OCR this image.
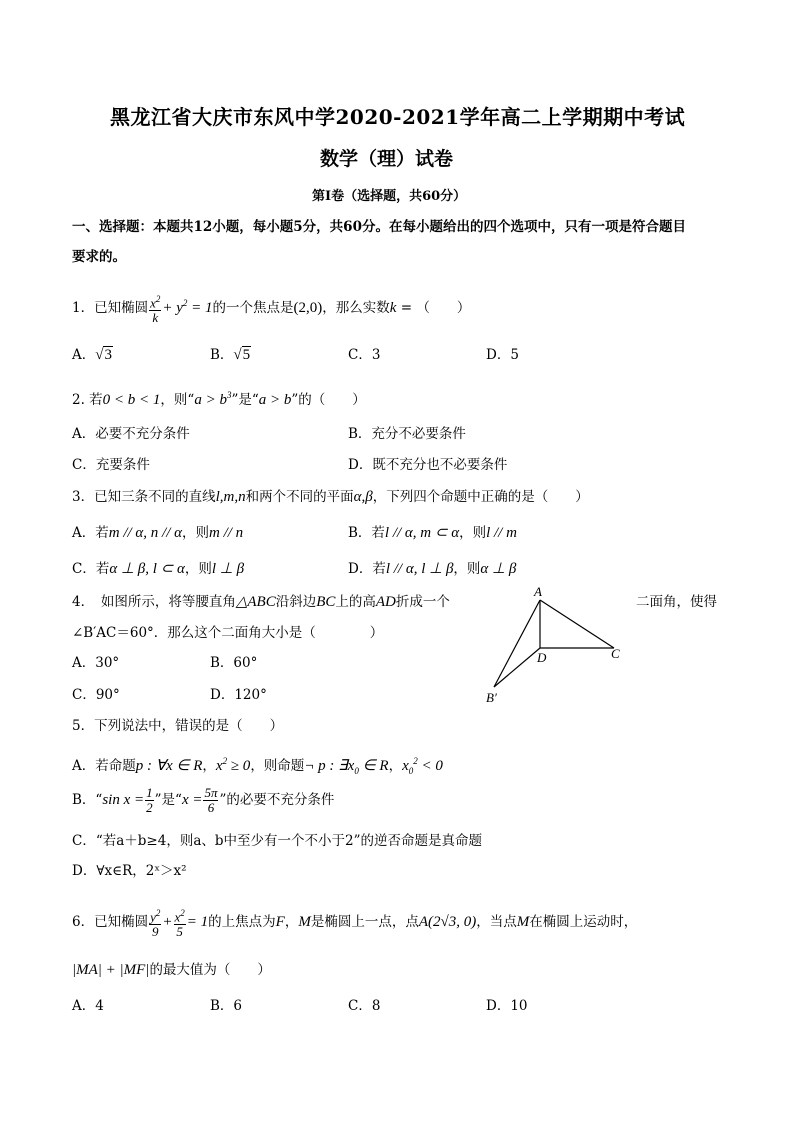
黑龙江省大庆市东风中学2020-2021学年高二上学期期中考试
数学（理）试卷
第I卷（选择题，共60分）
一、选择题：本题共12小题，每小题5分，共60分。在每小题给出的四个选项中，只有一项是符合题目
要求的。
1．已知椭圆 $\frac{x^2}{k} + y^2 = 1$的一个焦点是(2,0)，那么实数k = （　　）
A．√3	B．√5	C．3	D．5
2. 若0 < b < 1，则“$a > b^3$”是“a > b”的（　　）
A．必要不充分条件	B．充分不必要条件
C．充要条件	D．既不充分也不必要条件
3．已知三条不同的直线l,m,n和两个不同的平面α,β，下列四个命题中正确的是（　　）
A．若m // α, n // α，则m // n	B．若l // α, m ⊂ α，则l // m
C．若α ⊥ β, l ⊂ α，则l ⊥ β	D．若l // α, l ⊥ β，则α ⊥ β
4．　如图所示，将等腰直角△ABC沿斜边BC上的高AD折成一个	二面角，使得
∠B′AC＝60°．那么这个二面角大小是（　　　　）
A．30°	B．60°
C．90°	D．120°
A
D	C
B′
5．下列说法中，错误的是（　　）
A．若命题p : ∀x ∈ R，$x^2 \ge 0$，则命题¬ p : $\exists x_0$ ∈ R，$x_0^2 < 0$
B．“sin $x = \frac{1}{2}$ ”是“$x = \frac{5\pi}{6}$ ”的必要不充分条件
C．“若a＋b≥4，则a、b中至少有一个不小于2”的逆否命题是真命题
D．∀x∈R，2ˣ＞x²
6．已知椭圆 $\frac{y^2}{9} + \frac{x^2}{5} = 1$的上焦点为F，M是椭圆上一点，点A(2√3, 0)，当点M在椭圆上运动时，
|MA| + |MF|的最大值为（　　）
A．4	B．6	C．8	D．10
